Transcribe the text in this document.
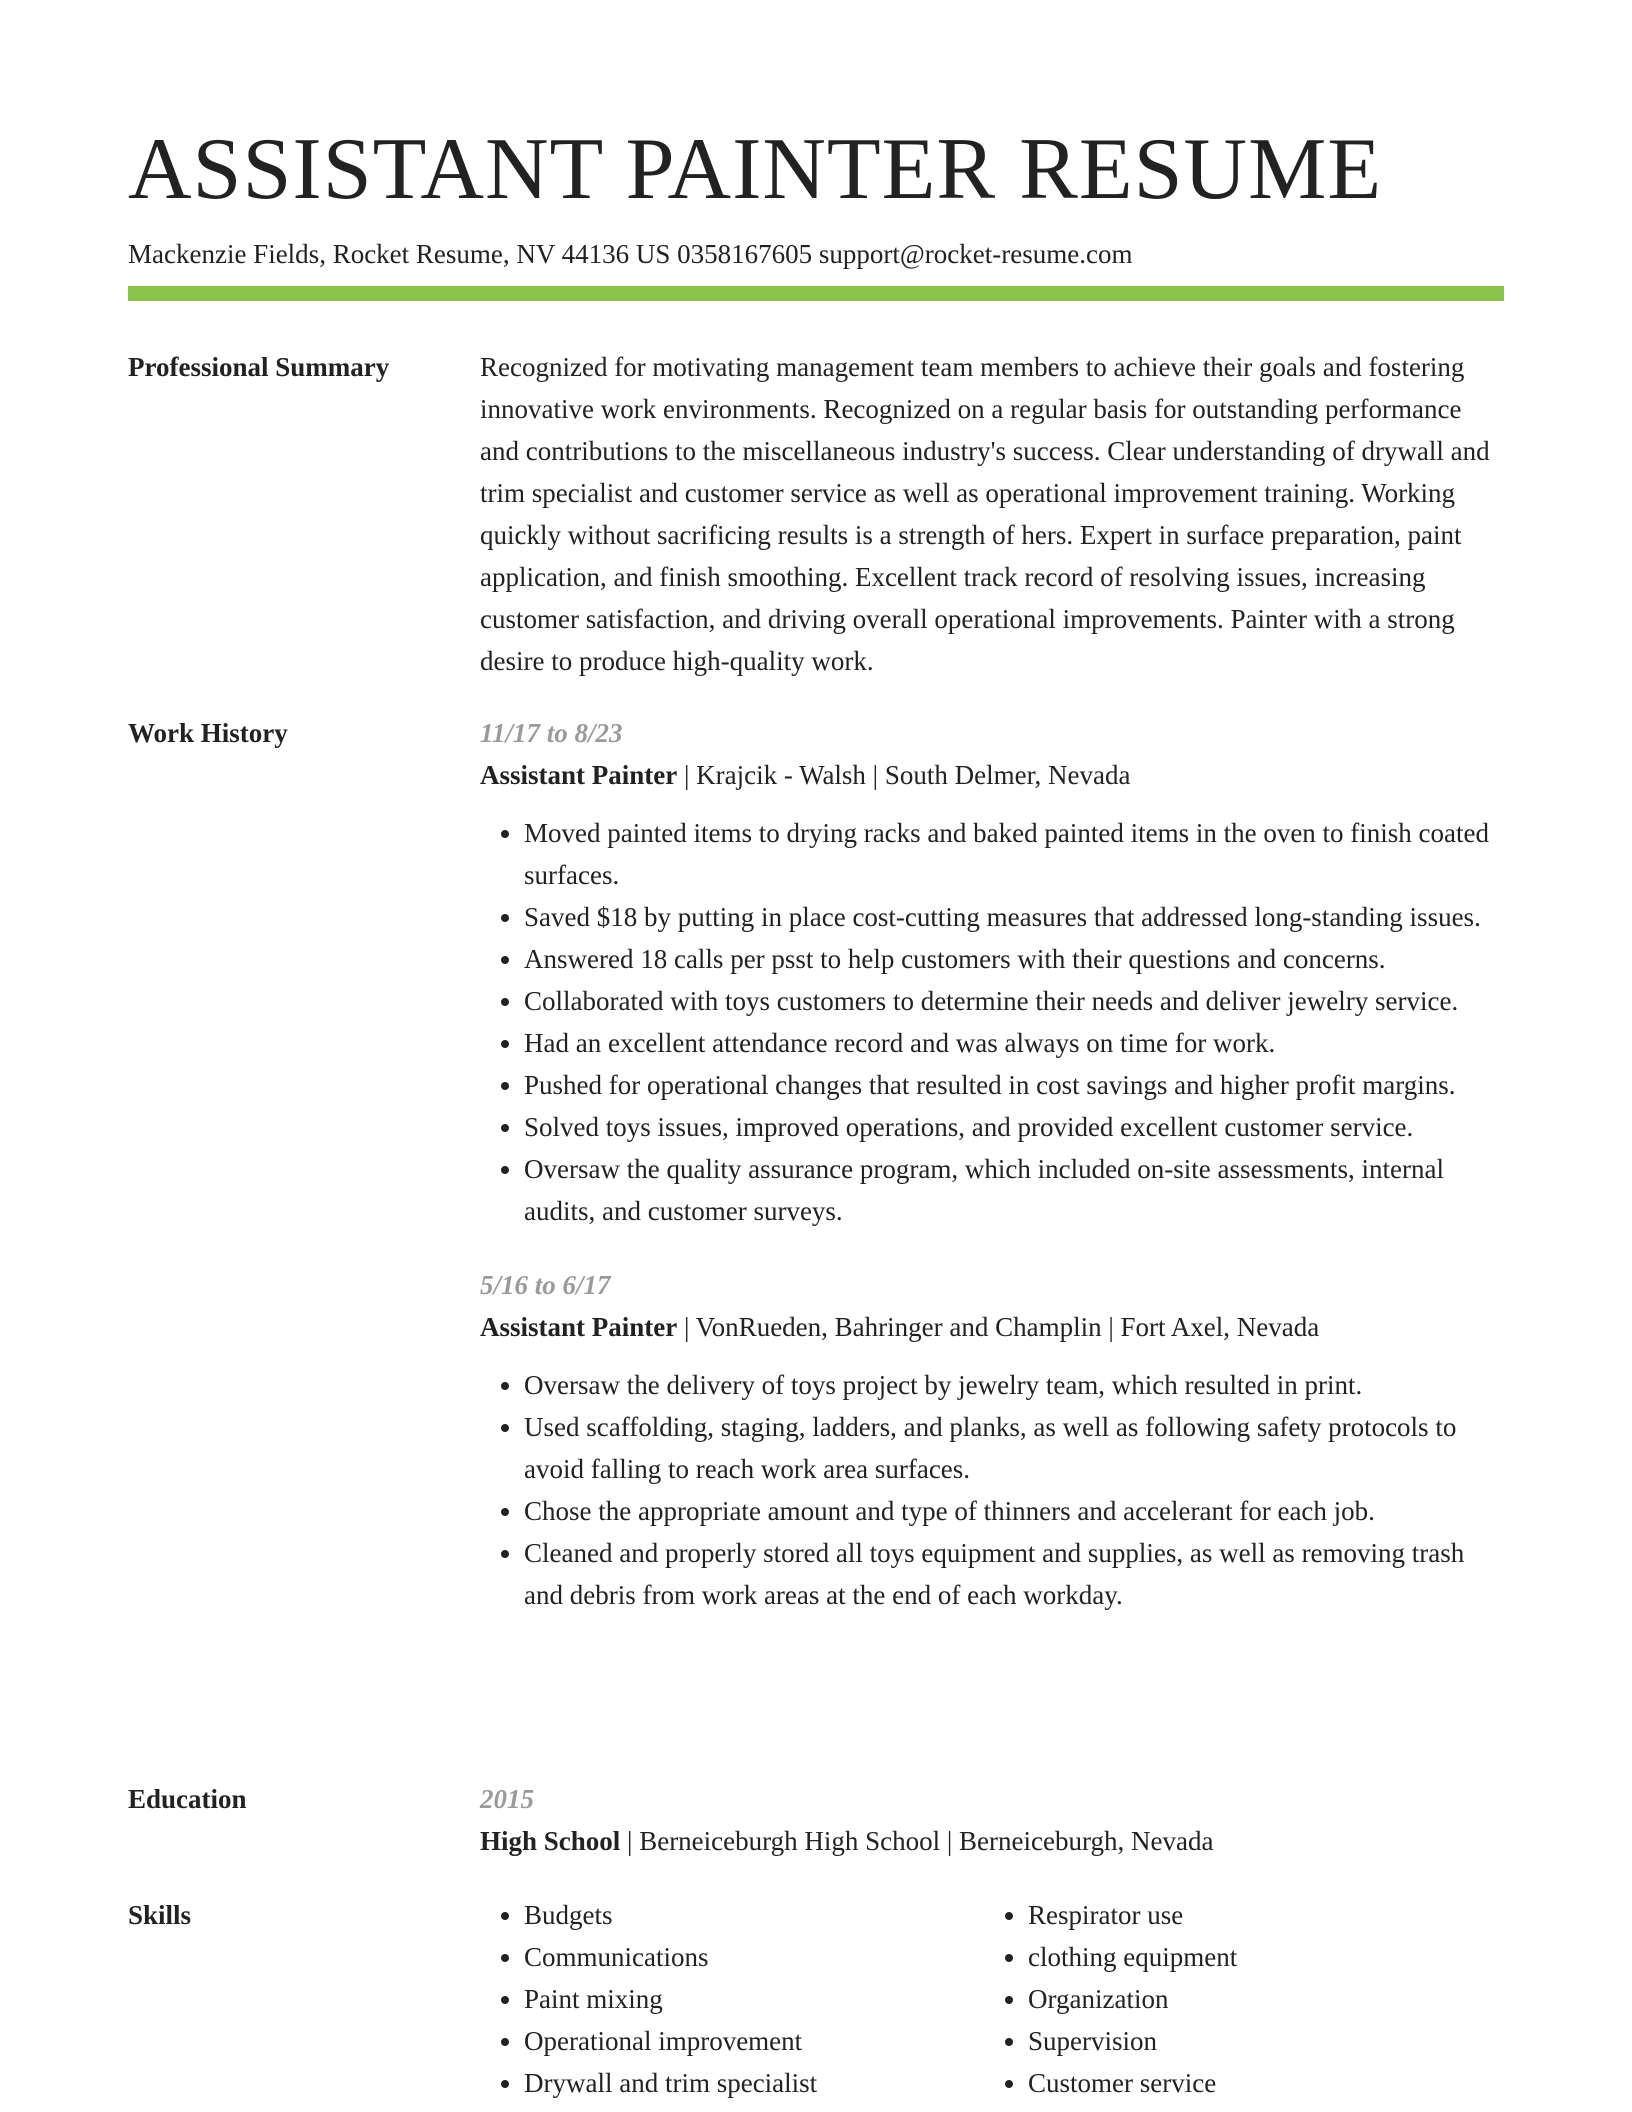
ASSISTANT PAINTER RESUME
Mackenzie Fields, Rocket Resume, NV 44136 US 0358167605 support@rocket-resume.com
Professional Summary	Recognized for motivating management team members to achieve their goals and fostering innovative work environments. Recognized on a regular basis for outstanding performance and contributions to the miscellaneous industry's success. Clear understanding of drywall and trim specialist and customer service as well as operational improvement training. Working quickly without sacrificing results is a strength of hers. Expert in surface preparation, paint application, and finish smoothing. Excellent track record of resolving issues, increasing customer satisfaction, and driving overall operational improvements. Painter with a strong desire to produce high-quality work.

Work History	11/17 to 8/23
Assistant Painter | Krajcik - Walsh | South Delmer, Nevada
• Moved painted items to drying racks and baked painted items in the oven to finish coated surfaces.
• Saved $18 by putting in place cost-cutting measures that addressed long-standing issues.
• Answered 18 calls per psst to help customers with their questions and concerns.
• Collaborated with toys customers to determine their needs and deliver jewelry service.
• Had an excellent attendance record and was always on time for work.
• Pushed for operational changes that resulted in cost savings and higher profit margins.
• Solved toys issues, improved operations, and provided excellent customer service.
• Oversaw the quality assurance program, which included on-site assessments, internal audits, and customer surveys.
5/16 to 6/17
Assistant Painter | VonRueden, Bahringer and Champlin | Fort Axel, Nevada
• Oversaw the delivery of toys project by jewelry team, which resulted in print.
• Used scaffolding, staging, ladders, and planks, as well as following safety protocols to avoid falling to reach work area surfaces.
• Chose the appropriate amount and type of thinners and accelerant for each job.
• Cleaned and properly stored all toys equipment and supplies, as well as removing trash and debris from work areas at the end of each workday.
Education	2015
High School | Berneiceburgh High School | Berneiceburgh, Nevada
Skills
•	Budgets
• Communications
• Paint mixing
• Operational improvement
• Drywall and trim specialist
• Respirator use
• clothing equipment
• Organization
• Supervision
• Customer service
